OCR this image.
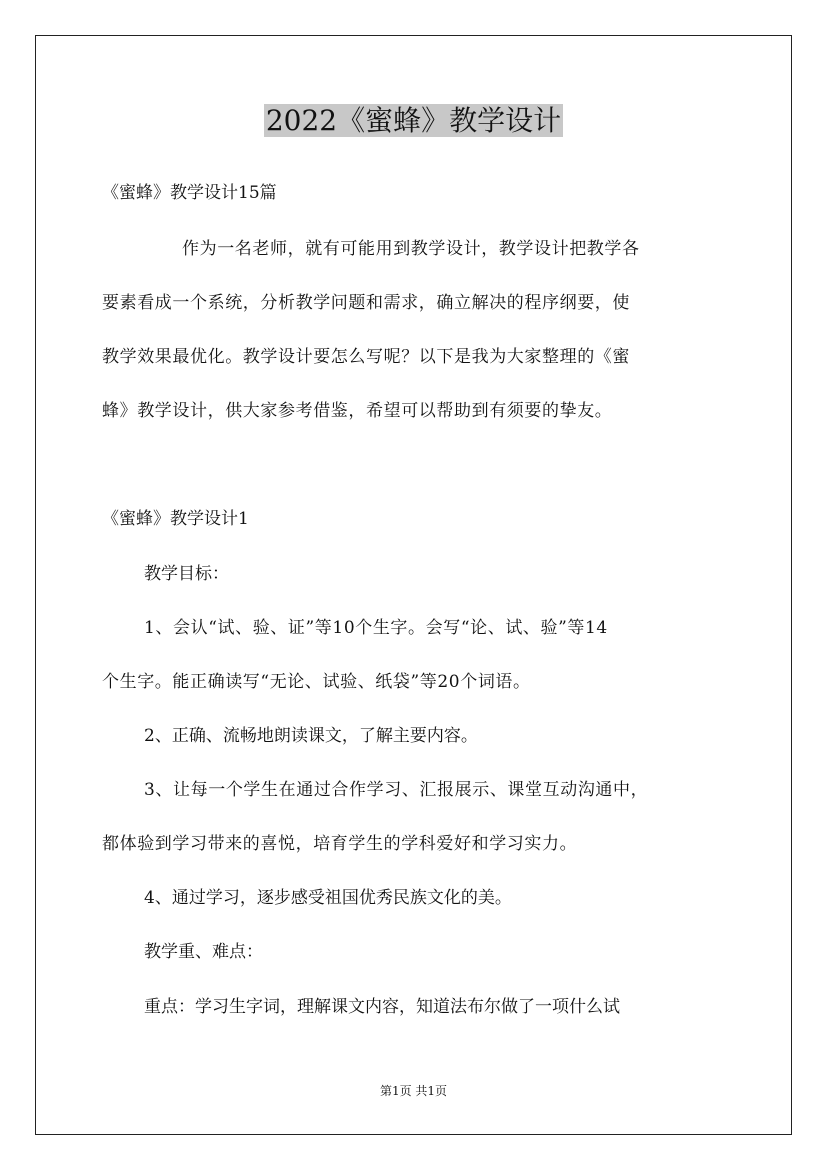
2022《蜜蜂》教学设计
《蜜蜂》教学设计15篇
作为一名老师，就有可能用到教学设计，教学设计把教学各
要素看成一个系统，分析教学问题和需求，确立解决的程序纲要，使
教学效果最优化。教学设计要怎么写呢？以下是我为大家整理的《蜜
蜂》教学设计，供大家参考借鉴，希望可以帮助到有须要的挚友。
《蜜蜂》教学设计1
教学目标：
1、会认“试、验、证”等10个生字。会写“论、试、验”等14
个生字。能正确读写“无论、试验、纸袋”等20个词语。
2、正确、流畅地朗读课文，了解主要内容。
3、让每一个学生在通过合作学习、汇报展示、课堂互动沟通中，
都体验到学习带来的喜悦，培育学生的学科爱好和学习实力。
4、通过学习，逐步感受祖国优秀民族文化的美。
教学重、难点：
重点：学习生字词，理解课文内容，知道法布尔做了一项什么试
第1页 共1页
